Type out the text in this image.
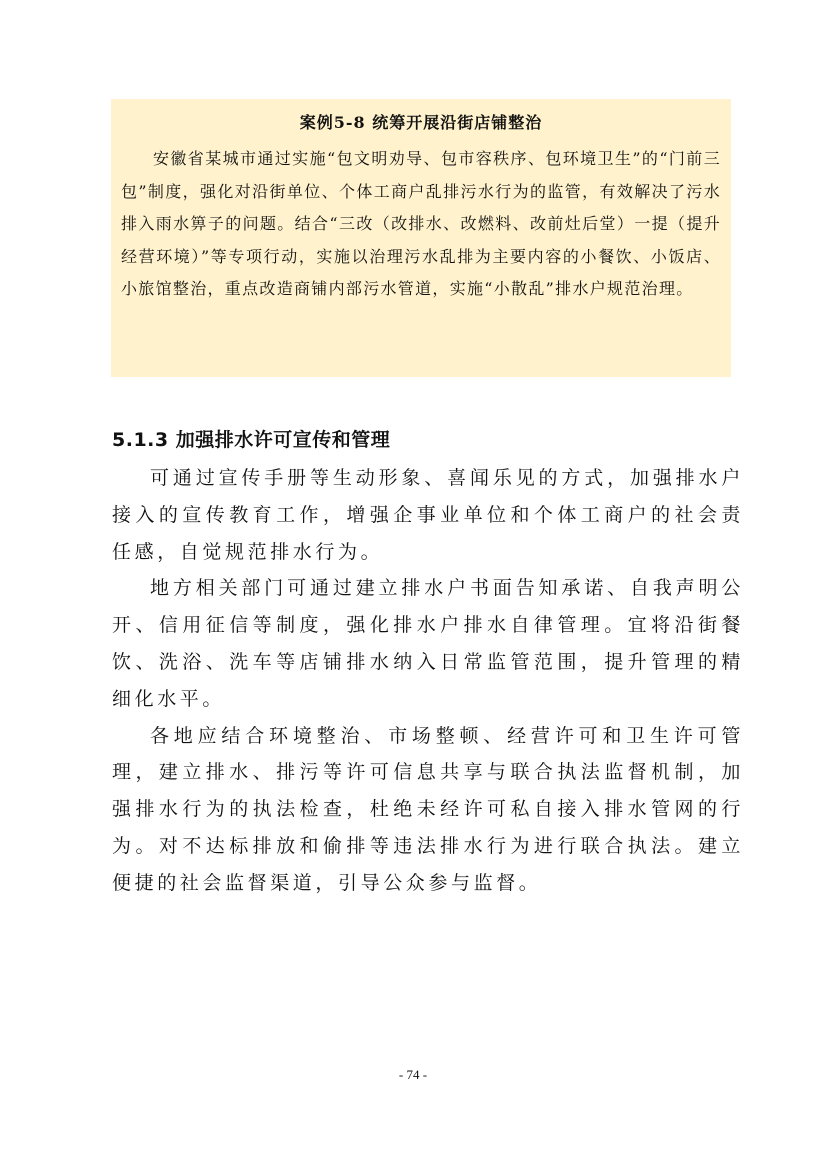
案例5-8 统筹开展沿街店铺整治

安徽省某城市通过实施“包文明劝导、包市容秩序、包环境卫生”的“门前三包”制度，强化对沿街单位、个体工商户乱排污水行为的监管，有效解决了污水排入雨水箅子的问题。结合“三改（改排水、改燃料、改前灶后堂）一提（提升经营环境）”等专项行动，实施以治理污水乱排为主要内容的小餐饮、小饭店、小旅馆整治，重点改造商铺内部污水管道，实施“小散乱”排水户规范治理。

5.1.3 加强排水许可宣传和管理

可通过宣传手册等生动形象、喜闻乐见的方式，加强排水户接入的宣传教育工作，增强企事业单位和个体工商户的社会责任感，自觉规范排水行为。

地方相关部门可通过建立排水户书面告知承诺、自我声明公开、信用征信等制度，强化排水户排水自律管理。宜将沿街餐饮、洗浴、洗车等店铺排水纳入日常监管范围，提升管理的精细化水平。

各地应结合环境整治、市场整顿、经营许可和卫生许可管理，建立排水、排污等许可信息共享与联合执法监督机制，加强排水行为的执法检查，杜绝未经许可私自接入排水管网的行为。对不达标排放和偷排等违法排水行为进行联合执法。建立便捷的社会监督渠道，引导公众参与监督。

- 74 -
